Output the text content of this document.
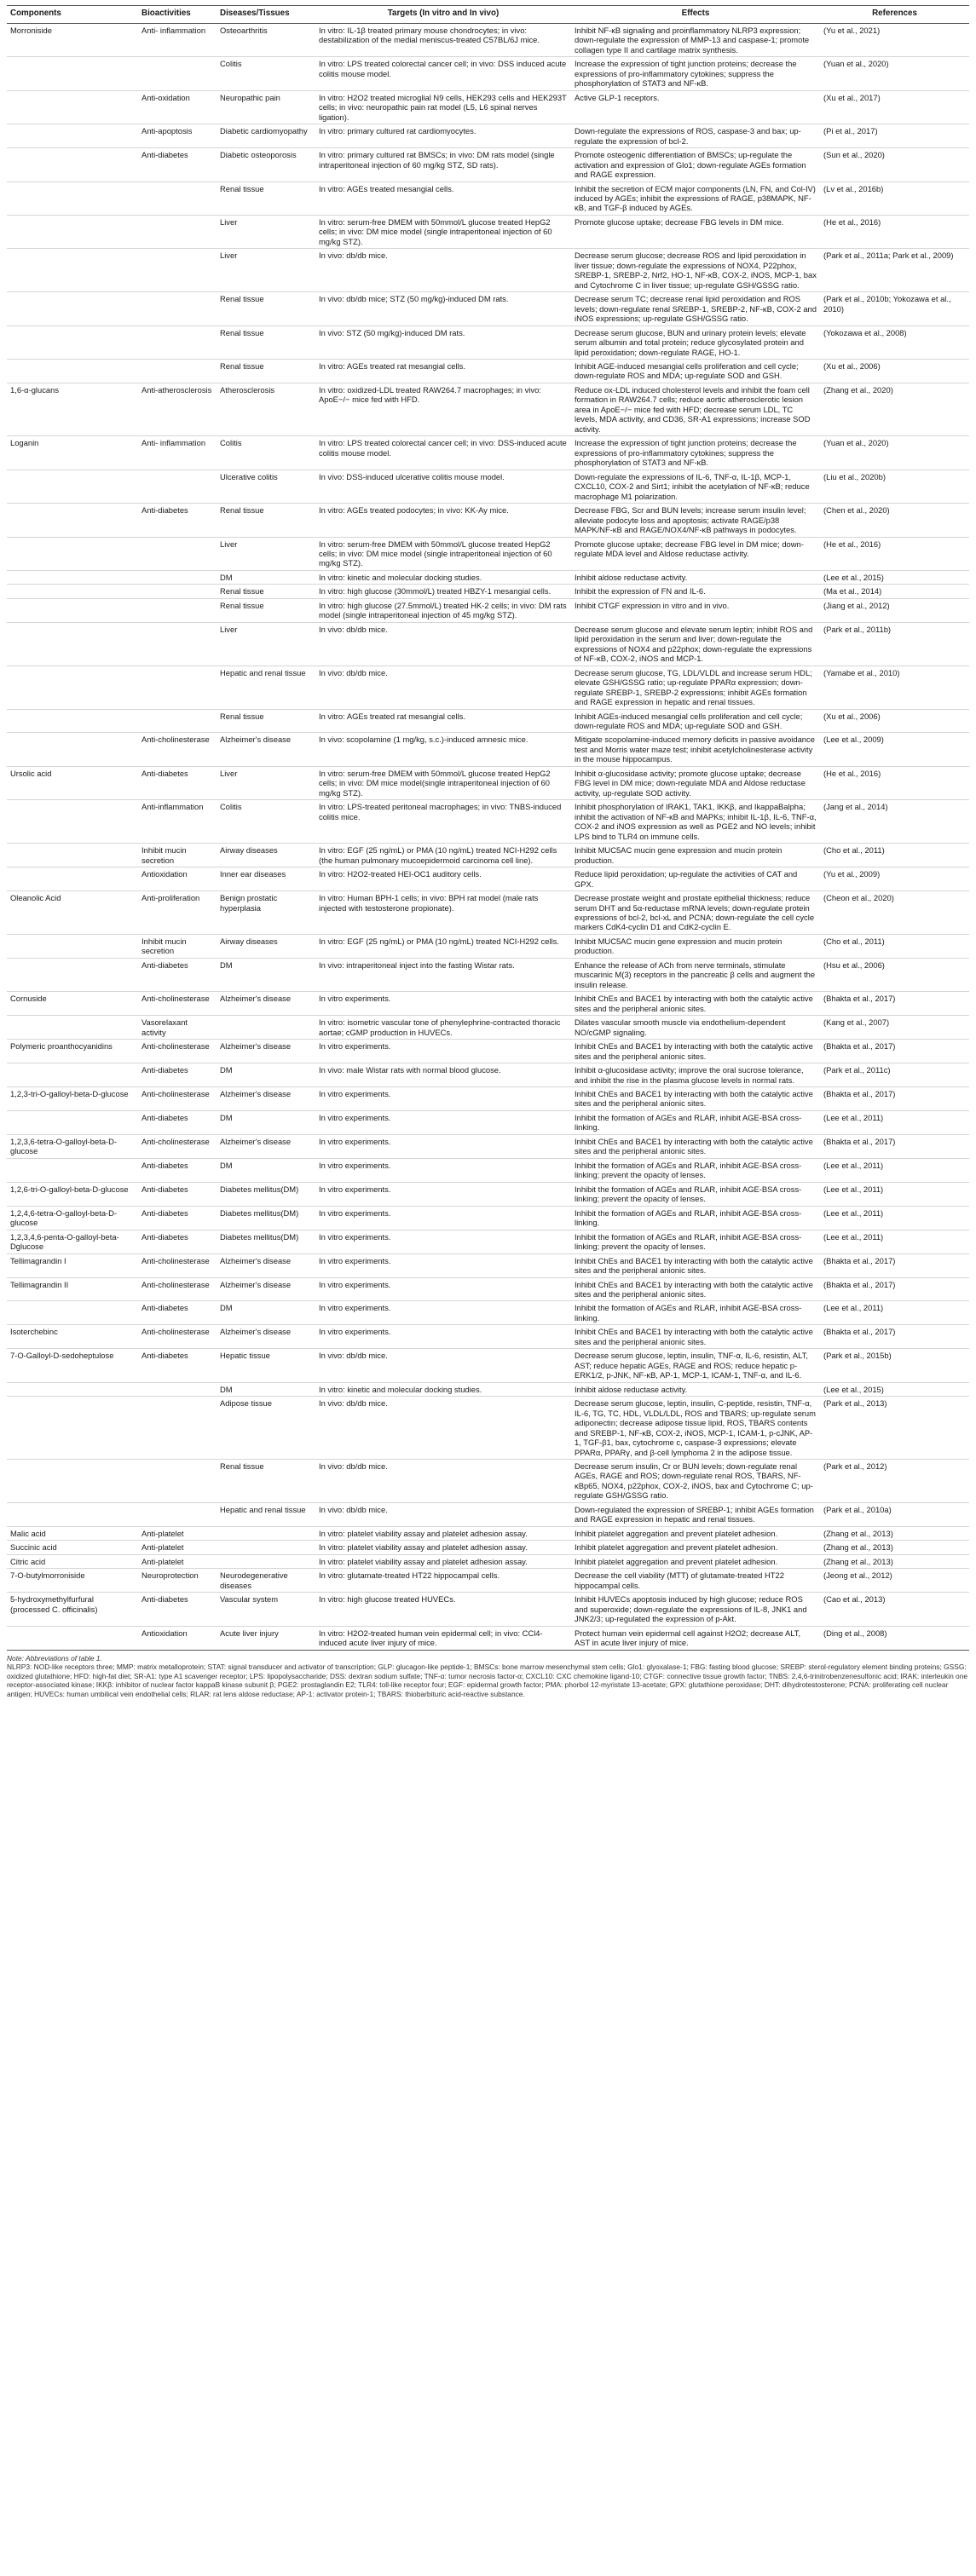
Components	Bioactivities	Diseases/Tissues	Targets (In vitro and In vivo)	Effects	References
Morroniside	Anti- inflammation	Osteoarthritis	In vitro: IL-1β treated primary mouse chondrocytes; in vivo: destabilization of the medial meniscus-treated C57BL/6J mice.	Inhibit NF-κB signaling and proinflammatory NLRP3 expression; down-regulate the expression of MMP-13 and caspase-1; promote collagen type II and cartilage matrix synthesis.	(Yu et al., 2021)
		Colitis	In vitro: LPS treated colorectal cancer cell; in vivo: DSS induced acute colitis mouse model.	Increase the expression of tight junction proteins; decrease the expressions of pro-inflammatory cytokines; suppress the phosphorylation of STAT3 and NF-κB.	(Yuan et al., 2020)
	Anti-oxidation	Neuropathic pain	In vitro: H2O2 treated microglial N9 cells, HEK293 cells and HEK293T cells; in vivo: neuropathic pain rat model (L5, L6 spinal nerves ligation).	Active GLP-1 receptors.	(Xu et al., 2017)
	Anti-apoptosis	Diabetic cardiomyopathy	In vitro: primary cultured rat cardiomyocytes.	Down-regulate the expressions of ROS, caspase-3 and bax; up-regulate the expression of bcl-2.	(Pi et al., 2017)
	Anti-diabetes	Diabetic osteoporosis	In vitro: primary cultured rat BMSCs; in vivo: DM rats model (single intraperitoneal injection of 60 mg/kg STZ, SD rats).	Promote osteogenic differentiation of BMSCs; up-regulate the activation and expression of Glo1; down-regulate AGEs formation and RAGE expression.	(Sun et al., 2020)
		Renal tissue	In vitro: AGEs treated mesangial cells.	Inhibit the secretion of ECM major components (LN, FN, and Col-IV) induced by AGEs; inhibit the expressions of RAGE, p38MAPK, NF-κB, and TGF-β induced by AGEs.	(Lv et al., 2016b)
		Liver	In vitro: serum-free DMEM with 50mmol/L glucose treated HepG2 cells; in vivo: DM mice model (single intraperitoneal injection of 60 mg/kg STZ).	Promote glucose uptake; decrease FBG levels in DM mice.	(He et al., 2016)
		Liver	In vivo: db/db mice.	Decrease serum glucose; decrease ROS and lipid peroxidation in liver tissue; down-regulate the expressions of NOX4, P22phox, SREBP-1, SREBP-2, Nrf2, HO-1, NF-κB, COX-2, iNOS, MCP-1, bax and Cytochrome C in liver tissue; up-regulate GSH/GSSG ratio.	(Park et al., 2011a; Park et al., 2009)
		Renal tissue	In vivo: db/db mice; STZ (50 mg/kg)-induced DM rats.	Decrease serum TC; decrease renal lipid peroxidation and ROS levels; down-regulate renal SREBP-1, SREBP-2, NF-κB, COX-2 and iNOS expressions; up-regulate GSH/GSSG ratio.	(Park et al., 2010b; Yokozawa et al., 2010)
		Renal tissue	In vivo: STZ (50 mg/kg)-induced DM rats.	Decrease serum glucose, BUN and urinary protein levels; elevate serum albumin and total protein; reduce glycosylated protein and lipid peroxidation; down-regulate RAGE, HO-1.	(Yokozawa et al., 2008)
		Renal tissue	In vitro: AGEs treated rat mesangial cells.	Inhibit AGE-induced mesangial cells proliferation and cell cycle; down-regulate ROS and MDA; up-regulate SOD and GSH.	(Xu et al., 2006)
1,6-α-glucans	Anti-atherosclerosis	Atherosclerosis	In vitro: oxidized-LDL treated RAW264.7 macrophages; in vivo: ApoE−/− mice fed with HFD.	Reduce ox-LDL induced cholesterol levels and inhibit the foam cell formation in RAW264.7 cells; reduce aortic atherosclerotic lesion area in ApoE−/− mice fed with HFD; decrease serum LDL, TC levels, MDA activity, and CD36, SR-A1 expressions; increase SOD activity.	(Zhang et al., 2020)
Loganin	Anti- inflammation	Colitis	In vitro: LPS treated colorectal cancer cell; in vivo: DSS-induced acute colitis mouse model.	Increase the expression of tight junction proteins; decrease the expressions of pro-inflammatory cytokines; suppress the phosphorylation of STAT3 and NF-κB.	(Yuan et al., 2020)
		Ulcerative colitis	In vivo: DSS-induced ulcerative colitis mouse model.	Down-regulate the expressions of IL-6, TNF-α, IL-1β, MCP-1, CXCL10, COX-2 and Sirt1; inhibit the acetylation of NF-κB; reduce macrophage M1 polarization.	(Liu et al., 2020b)
	Anti-diabetes	Renal tissue	In vitro: AGEs treated podocytes; in vivo: KK-Ay mice.	Decrease FBG, Scr and BUN levels; increase serum insulin level; alleviate podocyte loss and apoptosis; activate RAGE/p38 MAPK/NF-κB and RAGE/NOX4/NF-κB pathways in podocytes.	(Chen et al., 2020)
		Liver	In vitro: serum-free DMEM with 50mmol/L glucose treated HepG2 cells; in vivo: DM mice model (single intraperitoneal injection of 60 mg/kg STZ).	Promote glucose uptake; decrease FBG level in DM mice; down-regulate MDA level and Aldose reductase activity.	(He et al., 2016)
		DM	In vitro: kinetic and molecular docking studies.	Inhibit aldose reductase activity.	(Lee et al., 2015)
		Renal tissue	In vitro: high glucose (30mmol/L) treated HBZY-1 mesangial cells.	Inhibit the expression of FN and IL-6.	(Ma et al., 2014)
		Renal tissue	In vitro: high glucose (27.5mmol/L) treated HK-2 cells; in vivo: DM rats model (single intraperitoneal injection of 45 mg/kg STZ).	Inhibit CTGF expression in vitro and in vivo.	(Jiang et al., 2012)
		Liver	In vivo: db/db mice.	Decrease serum glucose and elevate serum leptin; inhibit ROS and lipid peroxidation in the serum and liver; down-regulate the expressions of NOX4 and p22phox; down-regulate the expressions of NF-κB, COX-2, iNOS and MCP-1.	(Park et al., 2011b)
		Hepatic and renal tissue	In vivo: db/db mice.	Decrease serum glucose, TG, LDL/VLDL and increase serum HDL; elevate GSH/GSSG ratio; up-regulate PPARα expression; down-regulate SREBP-1, SREBP-2 expressions; inhibit AGEs formation and RAGE expression in hepatic and renal tissues.	(Yamabe et al., 2010)
		Renal tissue	In vitro: AGEs treated rat mesangial cells.	Inhibit AGEs-induced mesangial cells proliferation and cell cycle; down-regulate ROS and MDA; up-regulate SOD and GSH.	(Xu et al., 2006)
	Anti-cholinesterase	Alzheimer's disease	In vivo: scopolamine (1 mg/kg, s.c.)-induced amnesic mice.	Mitigate scopolamine-induced memory deficits in passive avoidance test and Morris water maze test; inhibit acetylcholinesterase activity in the mouse hippocampus.	(Lee et al., 2009)
Ursolic acid	Anti-diabetes	Liver	In vitro: serum-free DMEM with 50mmol/L glucose treated HepG2 cells; in vivo: DM mice model(single intraperitoneal injection of 60 mg/kg STZ).	Inhibit α-glucosidase activity; promote glucose uptake; decrease FBG level in DM mice; down-regulate MDA and Aldose reductase activity, up-regulate SOD activity.	(He et al., 2016)
	Anti-inflammation	Colitis	In vitro: LPS-treated peritoneal macrophages; in vivo: TNBS-induced colitis mice.	Inhibit phosphorylation of IRAK1, TAK1, IKKβ, and IkappaBalpha; inhibit the activation of NF-κB and MAPKs; inhibit IL-1β, IL-6, TNF-α, COX-2 and iNOS expression as well as PGE2 and NO levels; inhibit LPS bind to TLR4 on immune cells.	(Jang et al., 2014)
	Inhibit mucin secretion	Airway diseases	In vitro: EGF (25 ng/mL) or PMA (10 ng/mL) treated NCI-H292 cells (the human pulmonary mucoepidermoid carcinoma cell line).	Inhibit MUC5AC mucin gene expression and mucin protein production.	(Cho et al., 2011)
	Antioxidation	Inner ear diseases	In vitro: H2O2-treated HEI-OC1 auditory cells.	Reduce lipid peroxidation; up-regulate the activities of CAT and GPX.	(Yu et al., 2009)
Oleanolic Acid	Anti-proliferation	Benign prostatic hyperplasia	In vitro: Human BPH-1 cells; in vivo: BPH rat model (male rats injected with testosterone propionate).	Decrease prostate weight and prostate epithelial thickness; reduce serum DHT and 5α-reductase mRNA levels; down-regulate protein expressions of bcl-2, bcl-xL and PCNA; down-regulate the cell cycle markers CdK4-cyclin D1 and CdK2-cyclin E.	(Cheon et al., 2020)
	Inhibit mucin secretion	Airway diseases	In vitro: EGF (25 ng/mL) or PMA (10 ng/mL) treated NCI-H292 cells.	Inhibit MUC5AC mucin gene expression and mucin protein production.	(Cho et al., 2011)
	Anti-diabetes	DM	In vivo: intraperitoneal inject into the fasting Wistar rats.	Enhance the release of ACh from nerve terminals, stimulate muscarinic M(3) receptors in the pancreatic β cells and augment the insulin release.	(Hsu et al., 2006)
Cornuside	Anti-cholinesterase	Alzheimer's disease	In vitro experiments.	Inhibit ChEs and BACE1 by interacting with both the catalytic active sites and the peripheral anionic sites.	(Bhakta et al., 2017)
	Vasorelaxant activity		In vitro: isometric vascular tone of phenylephrine-contracted thoracic aortae; cGMP production in HUVECs.	Dilates vascular smooth muscle via endothelium-dependent NO/cGMP signaling.	(Kang et al., 2007)
Polymeric proanthocyanidins	Anti-cholinesterase	Alzheimer's disease	In vitro experiments.	Inhibit ChEs and BACE1 by interacting with both the catalytic active sites and the peripheral anionic sites.	(Bhakta et al., 2017)
	Anti-diabetes	DM	In vivo: male Wistar rats with normal blood glucose.	Inhibit α-glucosidase activity; improve the oral sucrose tolerance, and inhibit the rise in the plasma glucose levels in normal rats.	(Park et al., 2011c)
1,2,3-tri-O-galloyl-beta-D-glucose	Anti-cholinesterase	Alzheimer's disease	In vitro experiments.	Inhibit ChEs and BACE1 by interacting with both the catalytic active sites and the peripheral anionic sites.	(Bhakta et al., 2017)
	Anti-diabetes	DM	In vitro experiments.	Inhibit the formation of AGEs and RLAR, inhibit AGE-BSA cross-linking.	(Lee et al., 2011)
1,2,3,6-tetra-O-galloyl-beta-D-glucose	Anti-cholinesterase	Alzheimer's disease	In vitro experiments.	Inhibit ChEs and BACE1 by interacting with both the catalytic active sites and the peripheral anionic sites.	(Bhakta et al., 2017)
	Anti-diabetes	DM	In vitro experiments.	Inhibit the formation of AGEs and RLAR, inhibit AGE-BSA cross-linking; prevent the opacity of lenses.	(Lee et al., 2011)
1,2,6-tri-O-galloyl-beta-D-glucose	Anti-diabetes	Diabetes mellitus(DM)	In vitro experiments.	Inhibit the formation of AGEs and RLAR, inhibit AGE-BSA cross-linking; prevent the opacity of lenses.	(Lee et al., 2011)
1,2,4,6-tetra-O-galloyl-beta-D-glucose	Anti-diabetes	Diabetes mellitus(DM)	In vitro experiments.	Inhibit the formation of AGEs and RLAR, inhibit AGE-BSA cross-linking.	(Lee et al., 2011)
1,2,3,4,6-penta-O-galloyl-beta-Dglucose	Anti-diabetes	Diabetes mellitus(DM)	In vitro experiments.	Inhibit the formation of AGEs and RLAR, inhibit AGE-BSA cross-linking; prevent the opacity of lenses.	(Lee et al., 2011)
Tellimagrandin I	Anti-cholinesterase	Alzheimer's disease	In vitro experiments.	Inhibit ChEs and BACE1 by interacting with both the catalytic active sites and the peripheral anionic sites.	(Bhakta et al., 2017)
Tellimagrandin II	Anti-cholinesterase	Alzheimer's disease	In vitro experiments.	Inhibit ChEs and BACE1 by interacting with both the catalytic active sites and the peripheral anionic sites.	(Bhakta et al., 2017)
	Anti-diabetes	DM	In vitro experiments.	Inhibit the formation of AGEs and RLAR, inhibit AGE-BSA cross-linking.	(Lee et al., 2011)
Isoterchebinc	Anti-cholinesterase	Alzheimer's disease	In vitro experiments.	Inhibit ChEs and BACE1 by interacting with both the catalytic active sites and the peripheral anionic sites.	(Bhakta et al., 2017)
7-O-Galloyl-D-sedoheptulose	Anti-diabetes	Hepatic tissue	In vivo: db/db mice.	Decrease serum glucose, leptin, insulin, TNF-α, IL-6, resistin, ALT, AST; reduce hepatic AGEs, RAGE and ROS; reduce hepatic p-ERK1/2, p-JNK, NF-κB, AP-1, MCP-1, ICAM-1, TNF-α, and IL-6.	(Park et al., 2015b)
		DM	In vitro: kinetic and molecular docking studies.	Inhibit aldose reductase activity.	(Lee et al., 2015)
		Adipose tissue	In vivo: db/db mice.	Decrease serum glucose, leptin, insulin, C-peptide, resistin, TNF-α, IL-6, TG, TC, HDL, VLDL/LDL, ROS and TBARS; up-regulate serum adiponectin; decrease adipose tissue lipid, ROS, TBARS contents and SREBP-1, NF-κB, COX-2, iNOS, MCP-1, ICAM-1, p-cJNK, AP-1, TGF-β1, bax, cytochrome c, caspase-3 expressions; elevate PPARα, PPARγ, and β-cell lymphoma 2 in the adipose tissue.	(Park et al., 2013)
		Renal tissue	In vivo: db/db mice.	Decrease serum insulin, Cr or BUN levels; down-regulate renal AGEs, RAGE and ROS; down-regulate renal ROS, TBARS, NF-κBp65, NOX4, p22phox, COX-2, iNOS, bax and Cytochrome C; up-regulate GSH/GSSG ratio.	(Park et al., 2012)
		Hepatic and renal tissue	In vivo: db/db mice.	Down-regulated the expression of SREBP-1; inhibit AGEs formation and RAGE expression in hepatic and renal tissues.	(Park et al., 2010a)
Malic acid	Anti-platelet		In vitro: platelet viability assay and platelet adhesion assay.	Inhibit platelet aggregation and prevent platelet adhesion.	(Zhang et al., 2013)
Succinic acid	Anti-platelet		In vitro: platelet viability assay and platelet adhesion assay.	Inhibit platelet aggregation and prevent platelet adhesion.	(Zhang et al., 2013)
Citric acid	Anti-platelet		In vitro: platelet viability assay and platelet adhesion assay.	Inhibit platelet aggregation and prevent platelet adhesion.	(Zhang et al., 2013)
7-O-butylmorroniside	Neuroprotection	Neurodegenerative diseases	In vitro: glutamate-treated HT22 hippocampal cells.	Decrease the cell viability (MTT) of glutamate-treated HT22 hippocampal cells.	(Jeong et al., 2012)
5-hydroxymethylfurfural (processed C. officinalis)	Anti-diabetes	Vascular system	In vitro: high glucose treated HUVECs.	Inhibit HUVECs apoptosis induced by high glucose; reduce ROS and superoxide; down-regulate the expressions of IL-8, JNK1 and JNK2/3; up-regulated the expression of p-Akt.	(Cao et al., 2013)
	Antioxidation	Acute liver injury	In vitro: H2O2-treated human vein epidermal cell; in vivo: CCl4-induced acute liver injury of mice.	Protect human vein epidermal cell against H2O2; decrease ALT, AST in acute liver injury of mice.	(Ding et al., 2008)
Note: Abbreviations of table 1.
NLRP3: NOD-like receptors three; MMP: matrix metalloprotein; STAT: signal transducer and activator of transcription; GLP: glucagon-like peptide-1; BMSCs: bone marrow mesenchymal stem cells; Glo1: glyoxalase-1; FBG: fasting blood glucose; SREBP: sterol-regulatory element binding proteins; GSSG: oxidized glutathione; HFD: high-fat diet; SR-A1: type A1 scavenger receptor; LPS: lipopolysaccharide; DSS: dextran sodium sulfate; TNF-α: tumor necrosis factor-α; CXCL10: CXC chemokine ligand-10; CTGF: connective tissue growth factor; TNBS: 2,4,6-trinitrobenzenesulfonic acid; IRAK: interleukin one receptor-associated kinase; IKKβ: inhibitor of nuclear factor kappaB kinase subunit β; PGE2: prostaglandin E2; TLR4: toll-like receptor four; EGF: epidermal growth factor; PMA: phorbol 12-myristate 13-acetate; GPX: glutathione peroxidase; DHT: dihydrotestosterone; PCNA: proliferating cell nuclear antigen; HUVECs: human umbilical vein endothelial cells; RLAR: rat lens aldose reductase; AP-1: activator protein-1; TBARS: thiobarbituric acid-reactive substance.
